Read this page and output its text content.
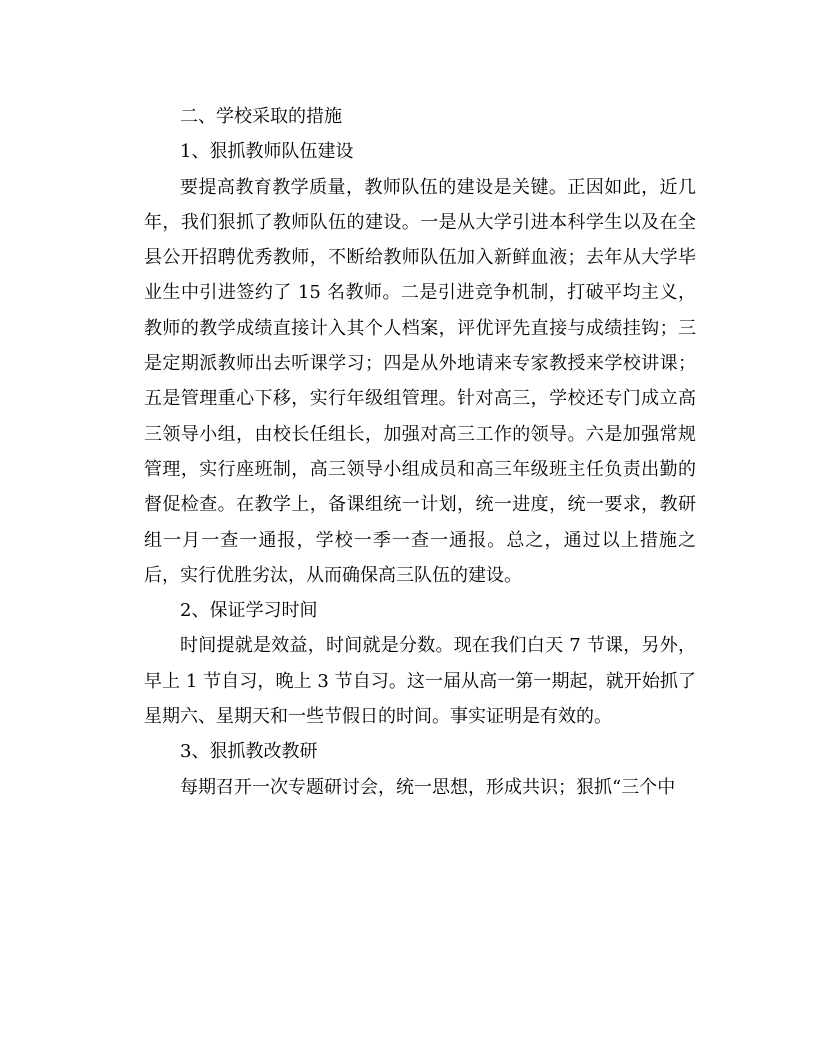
二、学校采取的措施

1、狠抓教师队伍建设

要提高教育教学质量，教师队伍的建设是关键。正因如此，近几年，我们狠抓了教师队伍的建设。一是从大学引进本科学生以及在全县公开招聘优秀教师，不断给教师队伍加入新鲜血液；去年从大学毕业生中引进签约了 15 名教师。二是引进竞争机制，打破平均主义，教师的教学成绩直接计入其个人档案，评优评先直接与成绩挂钩；三是定期派教师出去听课学习；四是从外地请来专家教授来学校讲课；五是管理重心下移，实行年级组管理。针对高三，学校还专门成立高三领导小组，由校长任组长，加强对高三工作的领导。六是加强常规管理，实行座班制，高三领导小组成员和高三年级班主任负责出勤的督促检查。在教学上，备课组统一计划，统一进度，统一要求，教研组一月一查一通报，学校一季一查一通报。总之，通过以上措施之后，实行优胜劣汰，从而确保高三队伍的建设。

2、保证学习时间

时间提就是效益，时间就是分数。现在我们白天 7 节课，另外，早上 1 节自习，晚上 3 节自习。这一届从高一第一期起，就开始抓了星期六、星期天和一些节假日的时间。事实证明是有效的。

3、狠抓教改教研

每期召开一次专题研讨会，统一思想，形成共识；狠抓“三个中
